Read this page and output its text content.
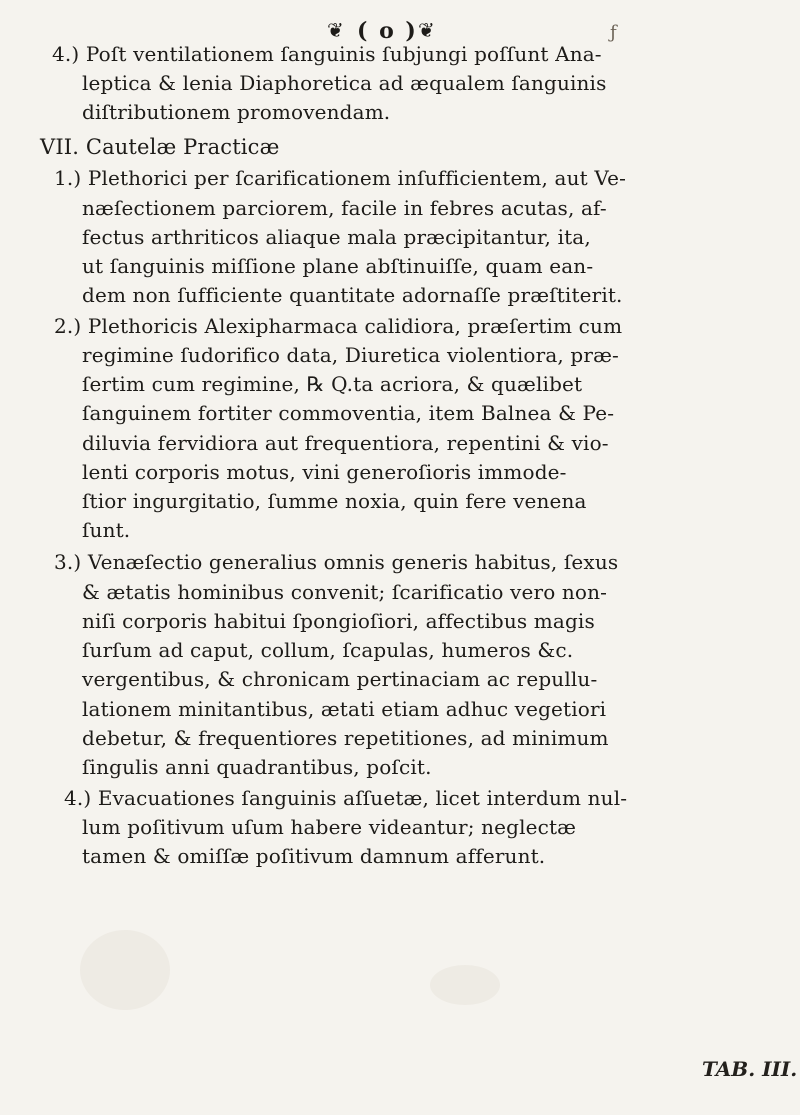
❦ ( o ) ❦	ƒ
4.) Poſt ventilationem ſanguinis ſubjungi poſſunt Ana-
leptica & lenia Diaphoretica ad æqualem ſanguinis
diſtributionem promovendam.
VII. Cautelæ Practicæ
1.) Plethorici per ſcarificationem inſufficientem, aut Ve-
næſectionem parciorem, facile in febres acutas, af-
fectus arthriticos aliaque mala præcipitantur, ita,
ut ſanguinis miſſione plane abſtinuiſſe, quam ean-
dem non ſufficiente quantitate adornaſſe præſtiterit.
2.) Plethoricis Alexipharmaca calidiora, præſertim cum
regimine ſudorifico data, Diuretica violentiora, præ-
ſertim cum regimine, ℞ Q.ta acriora, & quælibet
ſanguinem fortiter commoventia, item Balnea & Pe-
diluvia fervidiora aut frequentiora, repentini & vio-
lenti corporis motus, vini generoſioris immode-
ſtior ingurgitatio, ſumme noxia, quin fere venena
ſunt.
3.) Venæſectio generalius omnis generis habitus, ſexus
& ætatis hominibus convenit; ſcarificatio vero non-
niſi corporis habitui ſpongioſiori, affectibus magis
ſurſum ad caput, collum, ſcapulas, humeros &c.
vergentibus, & chronicam pertinaciam ac repullu-
lationem minitantibus, ætati etiam adhuc vegetiori
debetur, & frequentiores repetitiones, ad minimum
ſingulis anni quadrantibus, poſcit.
4.) Evacuationes ſanguinis aſſuetæ, licet interdum nul-
lum poſitivum uſum habere videantur; neglectæ
tamen & omiſſæ poſitivum damnum afferunt.
TAB. III.
